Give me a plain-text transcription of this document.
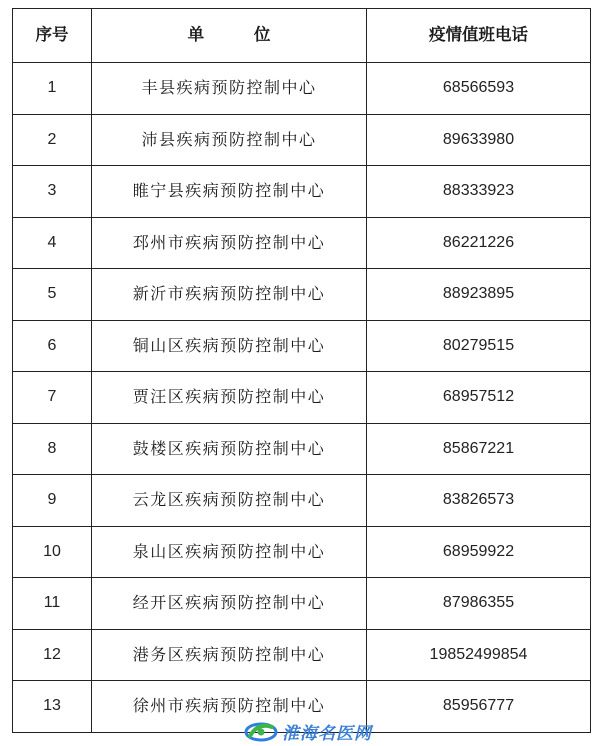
序号	单 位	疫情值班电话
1	丰县疾病预防控制中心	68566593
2	沛县疾病预防控制中心	89633980
3	睢宁县疾病预防控制中心	88333923
4	邳州市疾病预防控制中心	86221226
5	新沂市疾病预防控制中心	88923895
6	铜山区疾病预防控制中心	80279515
7	贾汪区疾病预防控制中心	68957512
8	鼓楼区疾病预防控制中心	85867221
9	云龙区疾病预防控制中心	83826573
10	泉山区疾病预防控制中心	68959922
11	经开区疾病预防控制中心	87986355
12	港务区疾病预防控制中心	19852499854
13	徐州市疾病预防控制中心	85956777
淮海名医网
